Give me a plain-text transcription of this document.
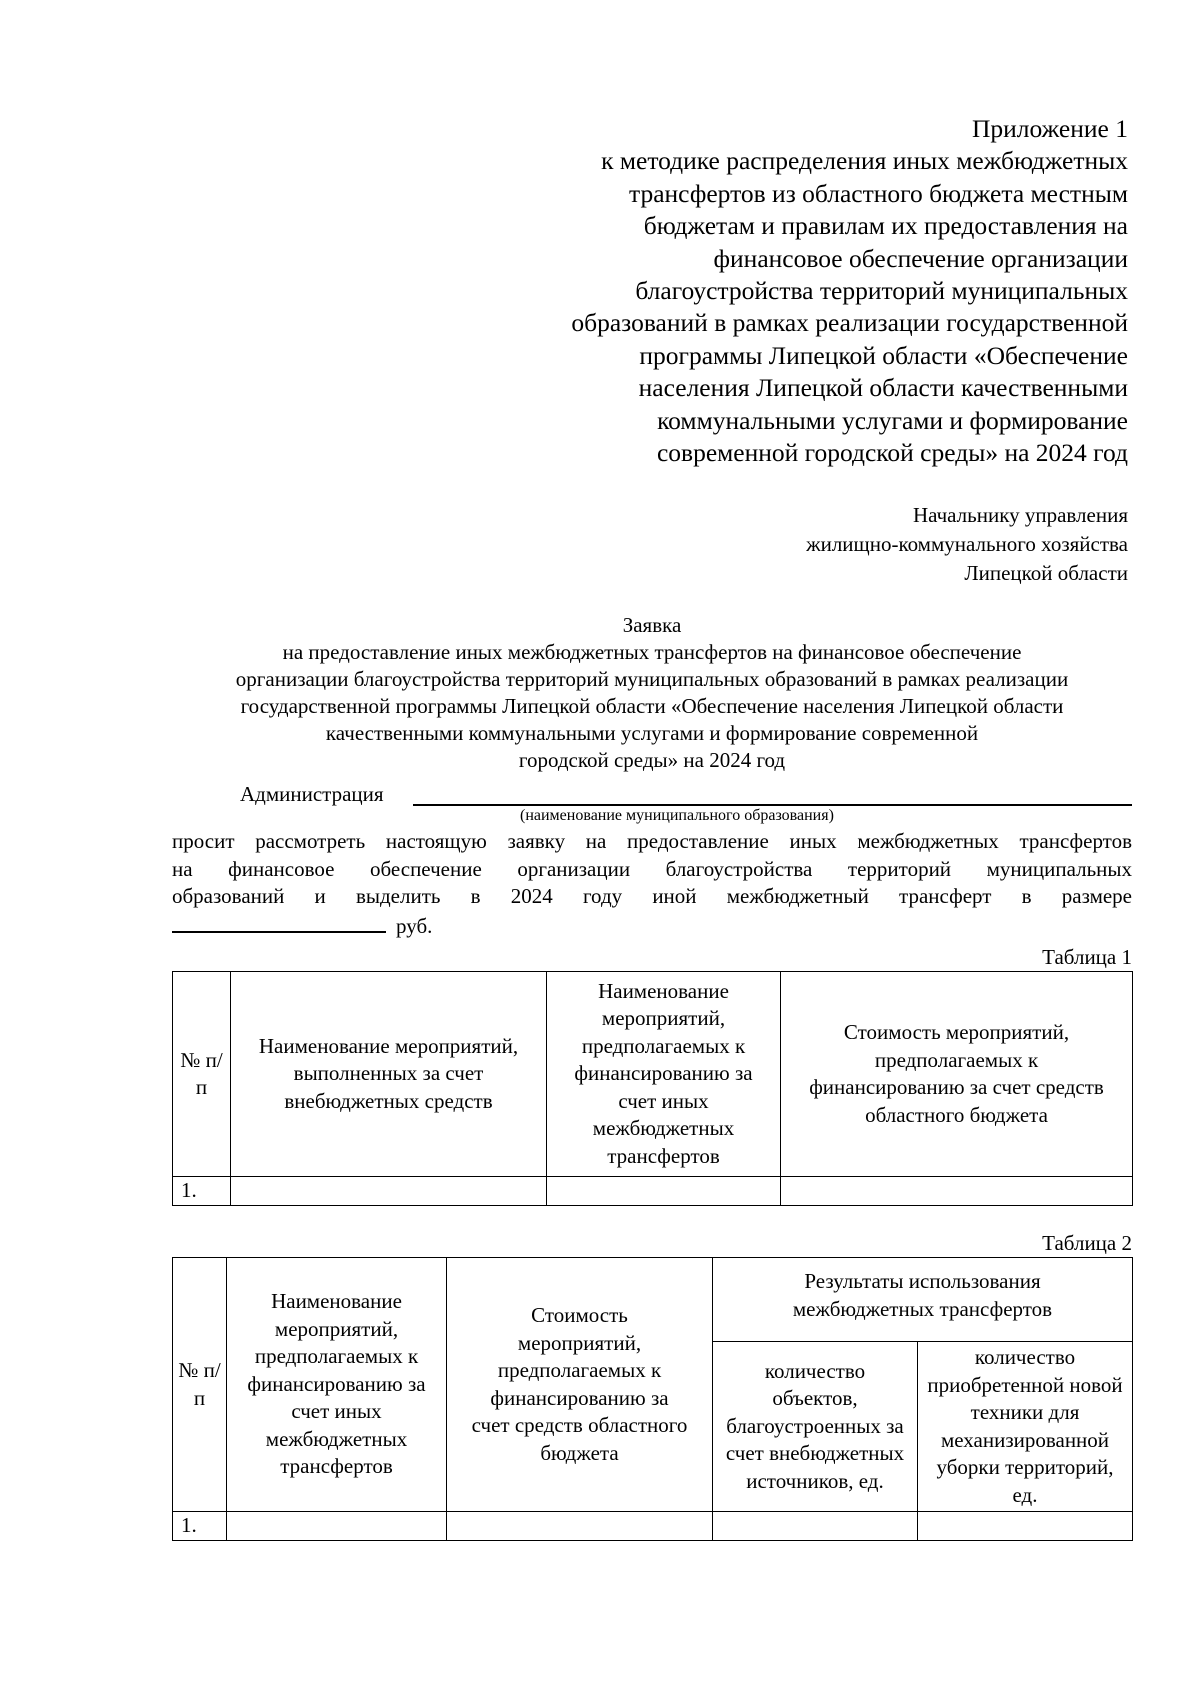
Приложение 1
к методике распределения иных межбюджетных
трансфертов из областного бюджета местным
бюджетам и правилам их предоставления на
финансовое обеспечение организации
благоустройства территорий муниципальных
образований в рамках реализации государственной
программы Липецкой области «Обеспечение
населения Липецкой области качественными
коммунальными услугами и формирование
современной городской среды» на 2024 год
Начальнику управления
жилищно-коммунального хозяйства
Липецкой области
Заявка
на предоставление иных межбюджетных трансфертов на финансовое обеспечение
организации благоустройства территорий муниципальных образований в рамках реализации
государственной программы Липецкой области «Обеспечение населения Липецкой области
качественными коммунальными услугами и формирование современной
городской среды» на 2024 год
Администрация
(наименование муниципального образования)
просит рассмотреть настоящую заявку на предоставление иных межбюджетных трансфертов
на финансовое обеспечение организации благоустройства территорий муниципальных
образований и выделить в 2024 году иной межбюджетный трансферт в размере
руб.
Таблица 1
№ п/п	Наименование мероприятий, выполненных за счет внебюджетных средств	Наименование мероприятий, предполагаемых к финансированию за счет иных межбюджетных трансфертов	Стоимость мероприятий, предполагаемых к финансированию за счет средств областного бюджета
1.			
Таблица 2
№ п/п	Наименование мероприятий, предполагаемых к финансированию за счет иных межбюджетных трансфертов	Стоимость мероприятий, предполагаемых к финансированию за счет средств областного бюджета	Результаты использования межбюджетных трансфертов	
			количество объектов, благоустроенных за счет внебюджетных источников, ед.	количество приобретенной новой техники для механизированной уборки территорий, ед.
1.				
